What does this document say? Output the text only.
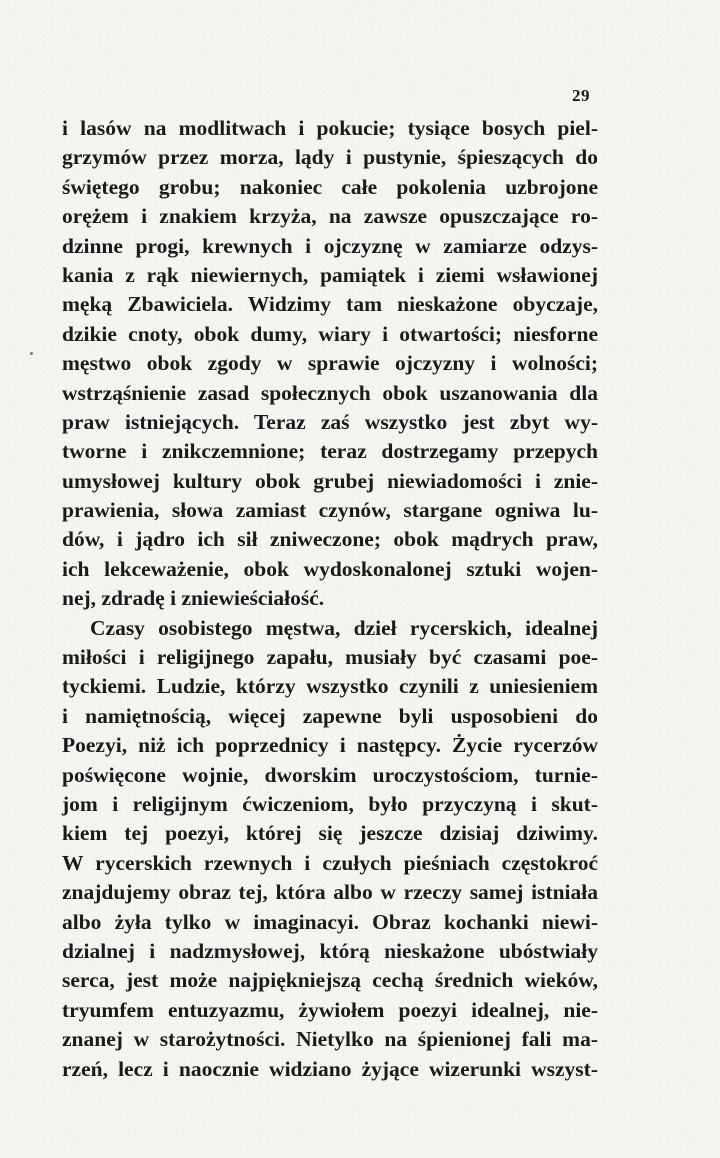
29
i lasów na modlitwach i pokucie; tysiące bosych piel-
grzymów przez morza, lądy i pustynie, śpieszących do
świętego grobu; nakoniec całe pokolenia uzbrojone
orężem i znakiem krzyża, na zawsze opuszczające ro-
dzinne progi, krewnych i ojczyznę w zamiarze odzys-
kania z rąk niewiernych, pamiątek i ziemi wsławionej
męką Zbawiciela. Widzimy tam nieskażone obyczaje,
dzikie cnoty, obok dumy, wiary i otwartości; niesforne
męstwo obok zgody w sprawie ojczyzny i wolności;
wstrząśnienie zasad społecznych obok uszanowania dla
praw istniejących. Teraz zaś wszystko jest zbyt wy-
tworne i znikczemnione; teraz dostrzegamy przepych
umysłowej kultury obok grubej niewiadomości i znie-
prawienia, słowa zamiast czynów, stargane ogniwa lu-
dów, i jądro ich sił zniweczone; obok mądrych praw,
ich lekceważenie, obok wydoskonalonej sztuki wojen-
nej, zdradę i zniewieściałość.
Czasy osobistego męstwa, dzieł rycerskich, idealnej
miłości i religijnego zapału, musiały być czasami poe-
tyckiemi. Ludzie, którzy wszystko czynili z uniesieniem
i namiętnością, więcej zapewne byli usposobieni do
Poezyi, niż ich poprzednicy i następcy. Życie rycerzów
poświęcone wojnie, dworskim uroczystościom, turnie-
jom i religijnym ćwiczeniom, było przyczyną i skut-
kiem tej poezyi, której się jeszcze dzisiaj dziwimy.
W rycerskich rzewnych i czułych pieśniach częstokroć
znajdujemy obraz tej, która albo w rzeczy samej istniała
albo żyła tylko w imaginacyi. Obraz kochanki niewi-
dzialnej i nadzmysłowej, którą nieskażone ubóstwiały
serca, jest może najpiękniejszą cechą średnich wieków,
tryumfem entuzyazmu, żywiołem poezyi idealnej, nie-
znanej w starożytności. Nietylko na śpienionej fali ma-
rzeń, lecz i naocznie widziano żyjące wizerunki wszyst-
